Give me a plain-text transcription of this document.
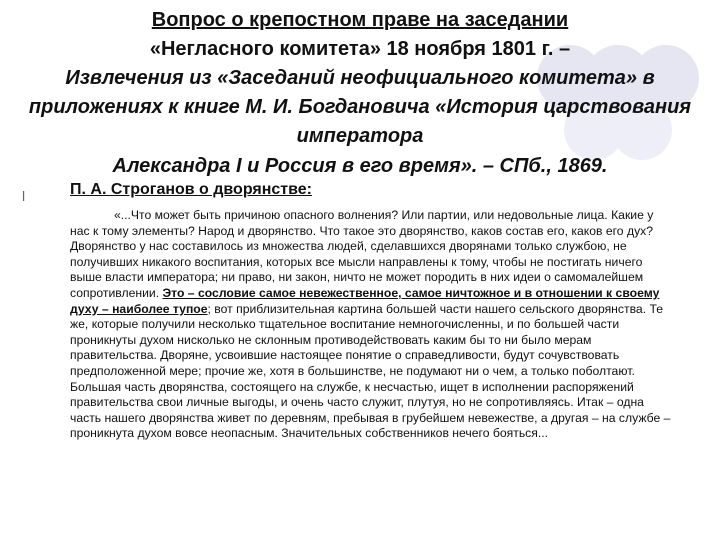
Вопрос о крепостном праве на заседании
«Негласного комитета» 18 ноября 1801 г. –
Извлечения из «Заседаний неофициального комитета» в приложениях к книге М. И. Богдановича «История царствования императора
Александра I и Россия в его время». – СПб., 1869.
l	П. А. Строганов о дворянстве:
«...Что может быть причиною опасного волнения? Или партии, или недовольные лица. Какие у нас к тому элементы? Народ и дворянство. Что такое это дворянство, каков состав его, каков его дух? Дворянство у нас составилось из множества людей, сделавшихся дворянами только службою, не получивших никакого воспитания, которых все мысли направлены к тому, чтобы не постигать ничего выше власти императора; ни право, ни закон, ничто не может породить в них идеи о самомалейшем сопротивлении. Это – сословие самое невежественное, самое ничтожное и в отношении к своему духу – наиболее тупое; вот приблизительная картина большей части нашего сельского дворянства. Те же, которые получили несколько тщательное воспитание немногочисленны, и по большей части проникнуты духом нисколько не склонным противодействовать каким бы то ни было мерам правительства. Дворяне, усвоившие настоящее понятие о справедливости, будут сочувствовать предположенной мере; прочие же, хотя в большинстве, не подумают ни о чем, а только поболтают. Большая часть дворянства, состоящего на службе, к несчастью, ищет в исполнении распоряжений правительства свои личные выгоды, и очень часто служит, плутуя, но не сопротивляясь. Итак – одна часть нашего дворянства живет по деревням, пребывая в грубейшем невежестве, а другая – на службе – проникнута духом вовсе неопасным. Значительных собственников нечего бояться...
